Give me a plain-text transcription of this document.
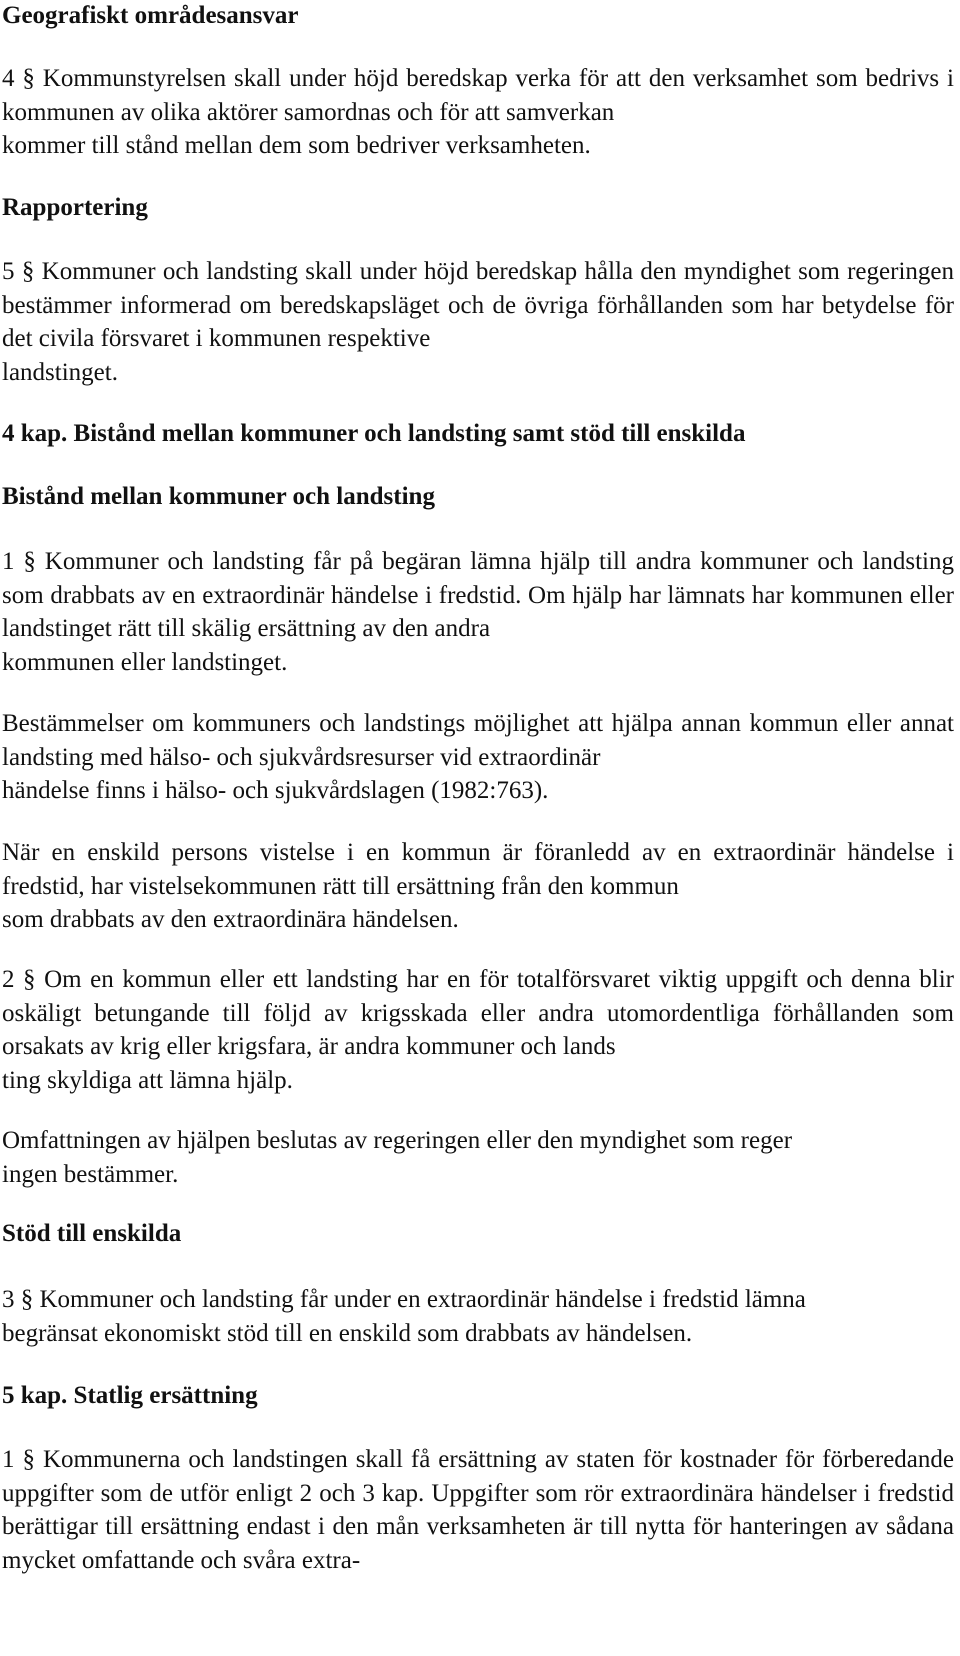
Geografiskt områdesansvar

4 § Kommunstyrelsen skall under höjd beredskap verka för att den verksamhet som bedrivs i kommunen av olika aktörer samordnas och för att samverkan
kommer till stånd mellan dem som bedriver verksamheten.

Rapportering

5 § Kommuner och landsting skall under höjd beredskap hålla den myndighet som regeringen bestämmer informerad om beredskapsläget och de övriga förhållanden som har betydelse för det civila försvaret i kommunen respektive
landstinget.

4 kap. Bistånd mellan kommuner och landsting samt stöd till enskilda
Bistånd mellan kommuner och landsting

1 § Kommuner och landsting får på begäran lämna hjälp till andra kommuner och landsting som drabbats av en extraordinär händelse i fredstid. Om hjälp har lämnats har kommunen eller landstinget rätt till skälig ersättning av den andra
kommunen eller landstinget.

Bestämmelser om kommuners och landstings möjlighet att hjälpa annan kommun eller annat landsting med hälso- och sjukvårdsresurser vid extraordinär
händelse finns i hälso- och sjukvårdslagen (1982:763).

När en enskild persons vistelse i en kommun är föranledd av en extraordinär händelse i fredstid, har vistelsekommunen rätt till ersättning från den kommun
som drabbats av den extraordinära händelsen.

2 § Om en kommun eller ett landsting har en för totalförsvaret viktig uppgift och denna blir oskäligt betungande till följd av krigsskada eller andra utomordentliga förhållanden som orsakats av krig eller krigsfara, är andra kommuner och lands
ting skyldiga att lämna hjälp.

Omfattningen av hjälpen beslutas av regeringen eller den myndighet som reger
ingen bestämmer.

Stöd till enskilda

3 § Kommuner och landsting får under en extraordinär händelse i fredstid lämna
begränsat ekonomiskt stöd till en enskild som drabbats av händelsen.

5 kap. Statlig ersättning

1 § Kommunerna och landstingen skall få ersättning av staten för kostnader för förberedande uppgifter som de utför enligt 2 och 3 kap. Uppgifter som rör extraordinära händelser i fredstid berättigar till ersättning endast i den mån verksamheten är till nytta för hanteringen av sådana mycket omfattande och svåra extra-
